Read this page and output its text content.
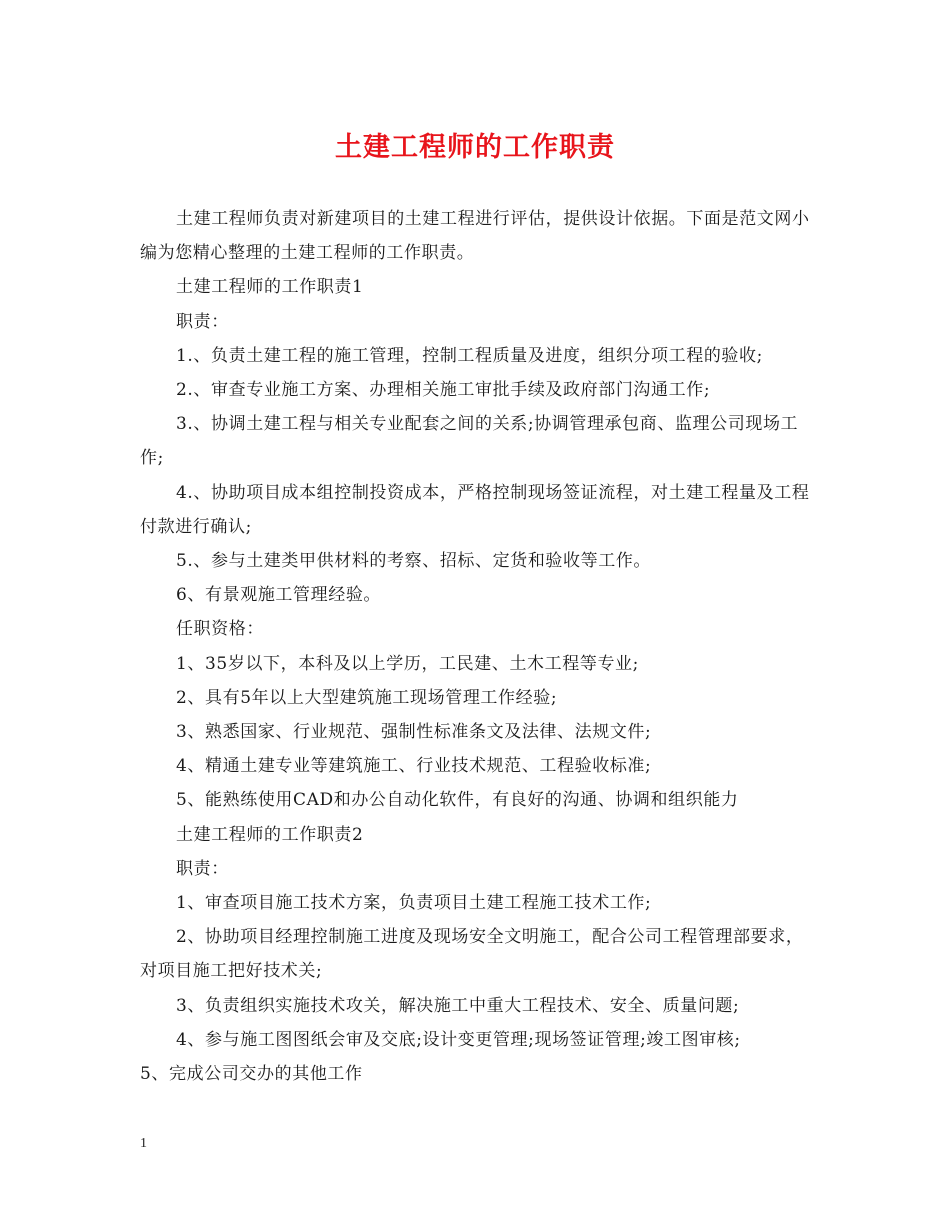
土建工程师的工作职责

土建工程师负责对新建项目的土建工程进行评估，提供设计依据。下面是范文网小编为您精心整理的土建工程师的工作职责。

土建工程师的工作职责1

职责：

1.、负责土建工程的施工管理，控制工程质量及进度，组织分项工程的验收;

2.、审查专业施工方案、办理相关施工审批手续及政府部门沟通工作;

3.、协调土建工程与相关专业配套之间的关系;协调管理承包商、监理公司现场工作;

4.、协助项目成本组控制投资成本，严格控制现场签证流程，对土建工程量及工程付款进行确认;

5.、参与土建类甲供材料的考察、招标、定货和验收等工作。

6、有景观施工管理经验。

任职资格：

1、35岁以下，本科及以上学历，工民建、土木工程等专业;

2、具有5年以上大型建筑施工现场管理工作经验;

3、熟悉国家、行业规范、强制性标准条文及法律、法规文件;

4、精通土建专业等建筑施工、行业技术规范、工程验收标准;

5、能熟练使用CAD和办公自动化软件，有良好的沟通、协调和组织能力

土建工程师的工作职责2

职责：

1、审查项目施工技术方案，负责项目土建工程施工技术工作;

2、协助项目经理控制施工进度及现场安全文明施工，配合公司工程管理部要求，对项目施工把好技术关;

3、负责组织实施技术攻关，解决施工中重大工程技术、安全、质量问题;

4、参与施工图图纸会审及交底;设计变更管理;现场签证管理;竣工图审核;

5、完成公司交办的其他工作

1
